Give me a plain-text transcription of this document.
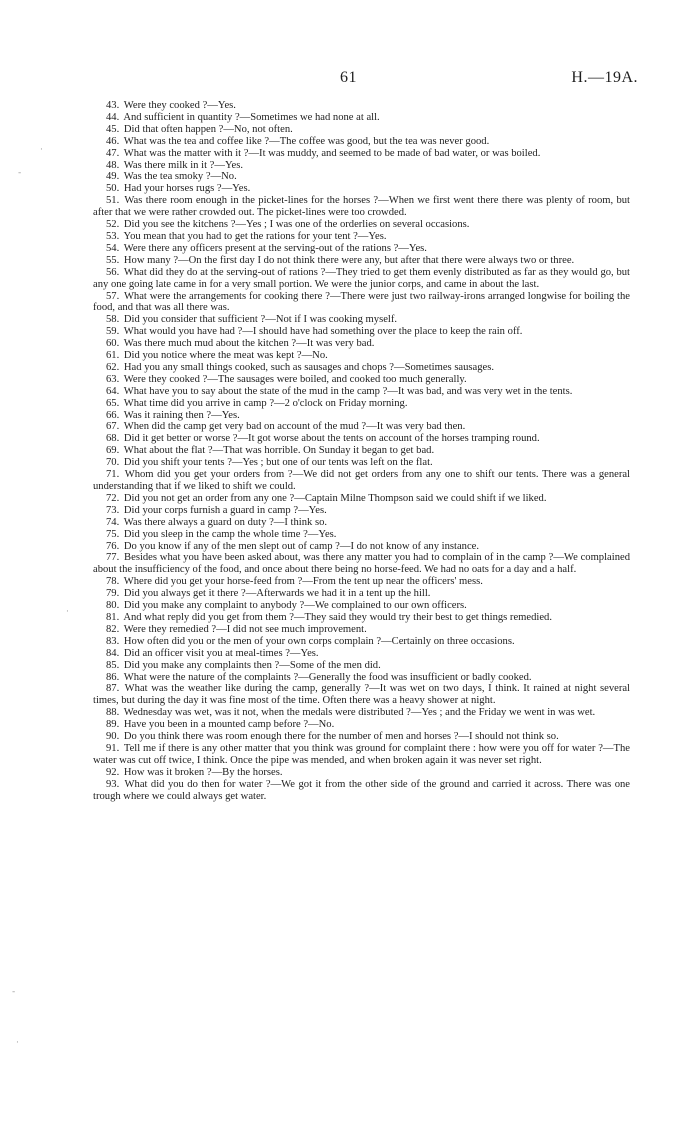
61	H.—19A.
·
-
·
-
·

43. Were they cooked ?—Yes.

44. And sufficient in quantity ?—Sometimes we had none at all.

45. Did that often happen ?—No, not often.

46. What was the tea and coffee like ?—The coffee was good, but the tea was never good.

47. What was the matter with it ?—It was muddy, and seemed to be made of bad water, or was boiled.

48. Was there milk in it ?—Yes.

49. Was the tea smoky ?—No.

50. Had your horses rugs ?—Yes.

51. Was there room enough in the picket-lines for the horses ?—When we first went there there was plenty of room, but after that we were rather crowded out. The picket-lines were too crowded.

52. Did you see the kitchens ?—Yes ; I was one of the orderlies on several occasions.

53. You mean that you had to get the rations for your tent ?—Yes.

54. Were there any officers present at the serving-out of the rations ?—Yes.

55. How many ?—On the first day I do not think there were any, but after that there were always two or three.

56. What did they do at the serving-out of rations ?—They tried to get them evenly distributed as far as they would go, but any one going late came in for a very small portion. We were the junior corps, and came in about the last.

57. What were the arrangements for cooking there ?—There were just two railway-irons arranged longwise for boiling the food, and that was all there was.

58. Did you consider that sufficient ?—Not if I was cooking myself.

59. What would you have had ?—I should have had something over the place to keep the rain off.

60. Was there much mud about the kitchen ?—It was very bad.

61. Did you notice where the meat was kept ?—No.

62. Had you any small things cooked, such as sausages and chops ?—Sometimes sausages.

63. Were they cooked ?—The sausages were boiled, and cooked too much generally.

64. What have you to say about the state of the mud in the camp ?—It was bad, and was very wet in the tents.

65. What time did you arrive in camp ?—2 o'clock on Friday morning.

66. Was it raining then ?—Yes.

67. When did the camp get very bad on account of the mud ?—It was very bad then.

68. Did it get better or worse ?—It got worse about the tents on account of the horses tramping round.

69. What about the flat ?—That was horrible. On Sunday it began to get bad.

70. Did you shift your tents ?—Yes ; but one of our tents was left on the flat.

71. Whom did you get your orders from ?—We did not get orders from any one to shift our tents. There was a general understanding that if we liked to shift we could.

72. Did you not get an order from any one ?—Captain Milne Thompson said we could shift if we liked.

73. Did your corps furnish a guard in camp ?—Yes.

74. Was there always a guard on duty ?—I think so.

75. Did you sleep in the camp the whole time ?—Yes.

76. Do you know if any of the men slept out of camp ?—I do not know of any instance.

77. Besides what you have been asked about, was there any matter you had to complain of in the camp ?—We complained about the insufficiency of the food, and once about there being no horse-feed. We had no oats for a day and a half.

78. Where did you get your horse-feed from ?—From the tent up near the officers' mess.

79. Did you always get it there ?—Afterwards we had it in a tent up the hill.

80. Did you make any complaint to anybody ?—We complained to our own officers.

81. And what reply did you get from them ?—They said they would try their best to get things remedied.

82. Were they remedied ?—I did not see much improvement.

83. How often did you or the men of your own corps complain ?—Certainly on three occasions.

84. Did an officer visit you at meal-times ?—Yes.

85. Did you make any complaints then ?—Some of the men did.

86. What were the nature of the complaints ?—Generally the food was insufficient or badly cooked.

87. What was the weather like during the camp, generally ?—It was wet on two days, I think. It rained at night several times, but during the day it was fine most of the time. Often there was a heavy shower at night.

88. Wednesday was wet, was it not, when the medals were distributed ?—Yes ; and the Friday we went in was wet.

89. Have you been in a mounted camp before ?—No.

90. Do you think there was room enough there for the number of men and horses ?—I should not think so.

91. Tell me if there is any other matter that you think was ground for complaint there : how were you off for water ?—The water was cut off twice, I think. Once the pipe was mended, and when broken again it was never set right.

92. How was it broken ?—By the horses.

93. What did you do then for water ?—We got it from the other side of the ground and carried it across. There was one trough where we could always get water.
